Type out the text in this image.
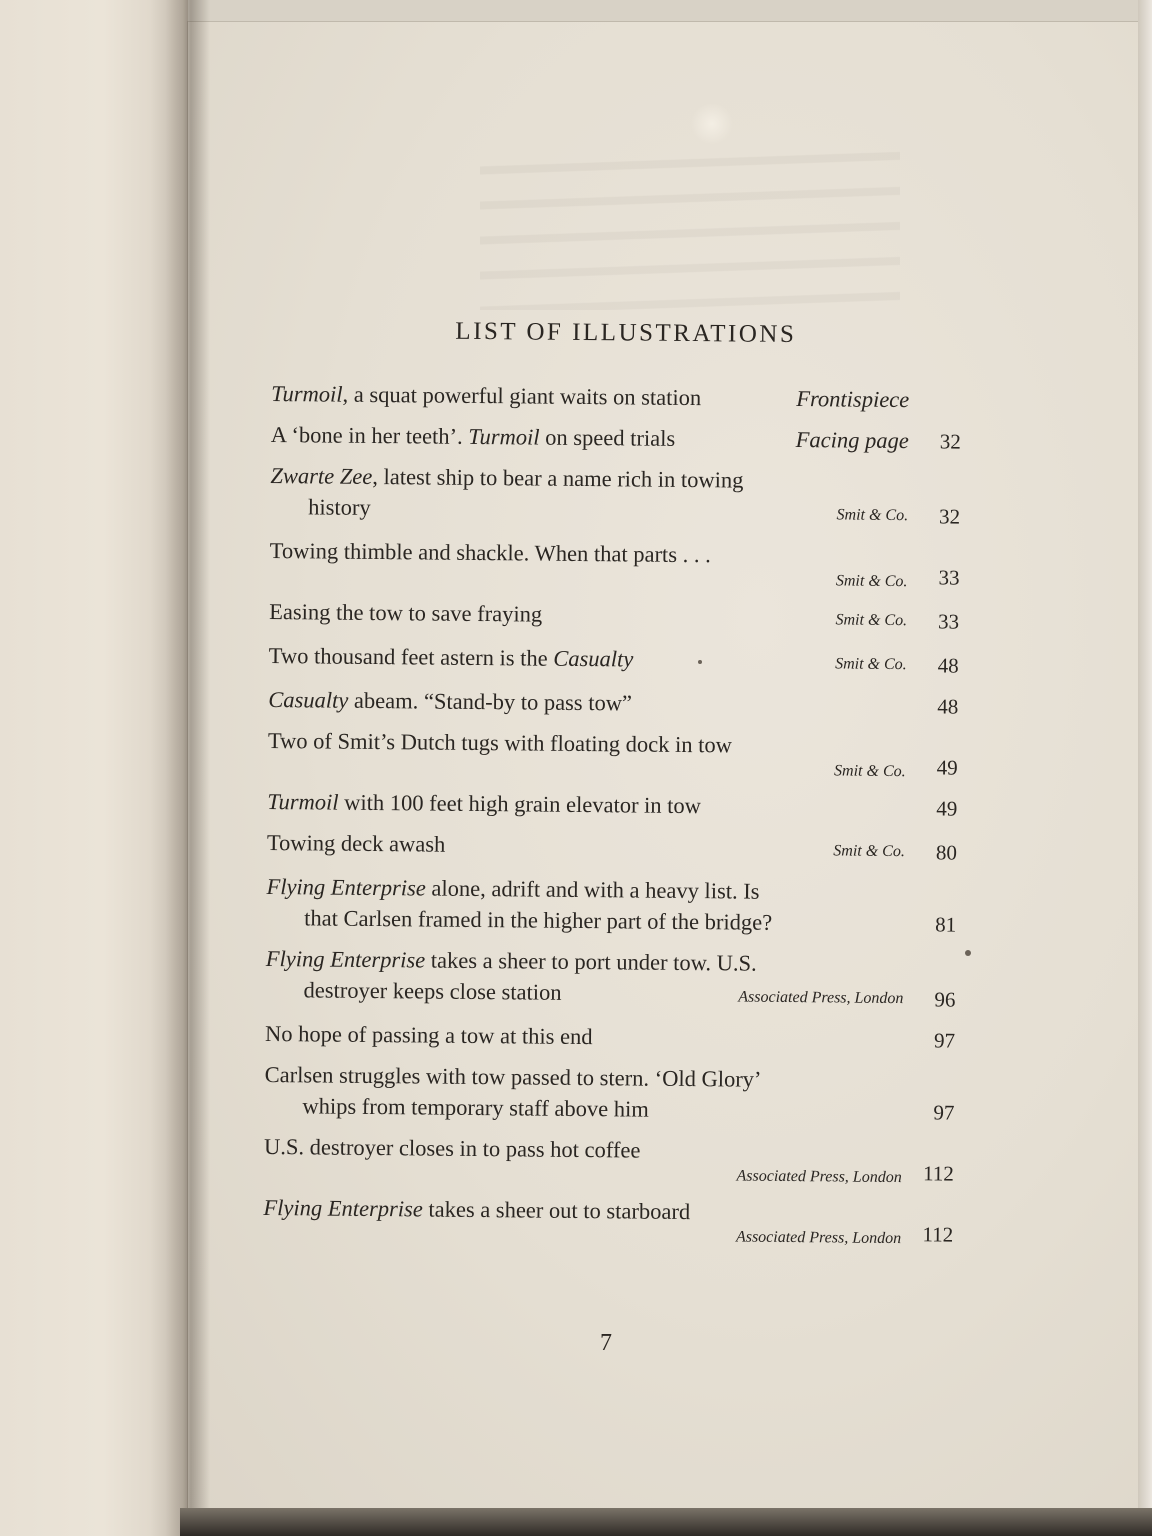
LIST OF ILLUSTRATIONS
Turmoil, a squat powerful giant waits on station	Frontispiece
A ‘bone in her teeth’. Turmoil on speed trials	Facing page	32
Zwarte Zee, latest ship to bear a name rich in towing
history	Smit & Co.	32
Towing thimble and shackle. When that parts . . .
Smit & Co.	33
Easing the tow to save fraying	Smit & Co.	33
Two thousand feet astern is the Casualty	Smit & Co.	48
Casualty abeam. “Stand-by to pass tow”	48
Two of Smit’s Dutch tugs with floating dock in tow
Smit & Co.	49
Turmoil with 100 feet high grain elevator in tow	49
Towing deck awash	Smit & Co.	80
Flying Enterprise alone, adrift and with a heavy list. Is
that Carlsen framed in the higher part of the bridge?	81
Flying Enterprise takes a sheer to port under tow. U.S.
destroyer keeps close station	Associated Press, London	96
No hope of passing a tow at this end	97
Carlsen struggles with tow passed to stern. ‘Old Glory’
whips from temporary staff above him	97
U.S. destroyer closes in to pass hot coffee
Associated Press, London	112
Flying Enterprise takes a sheer out to starboard
Associated Press, London	112
7
